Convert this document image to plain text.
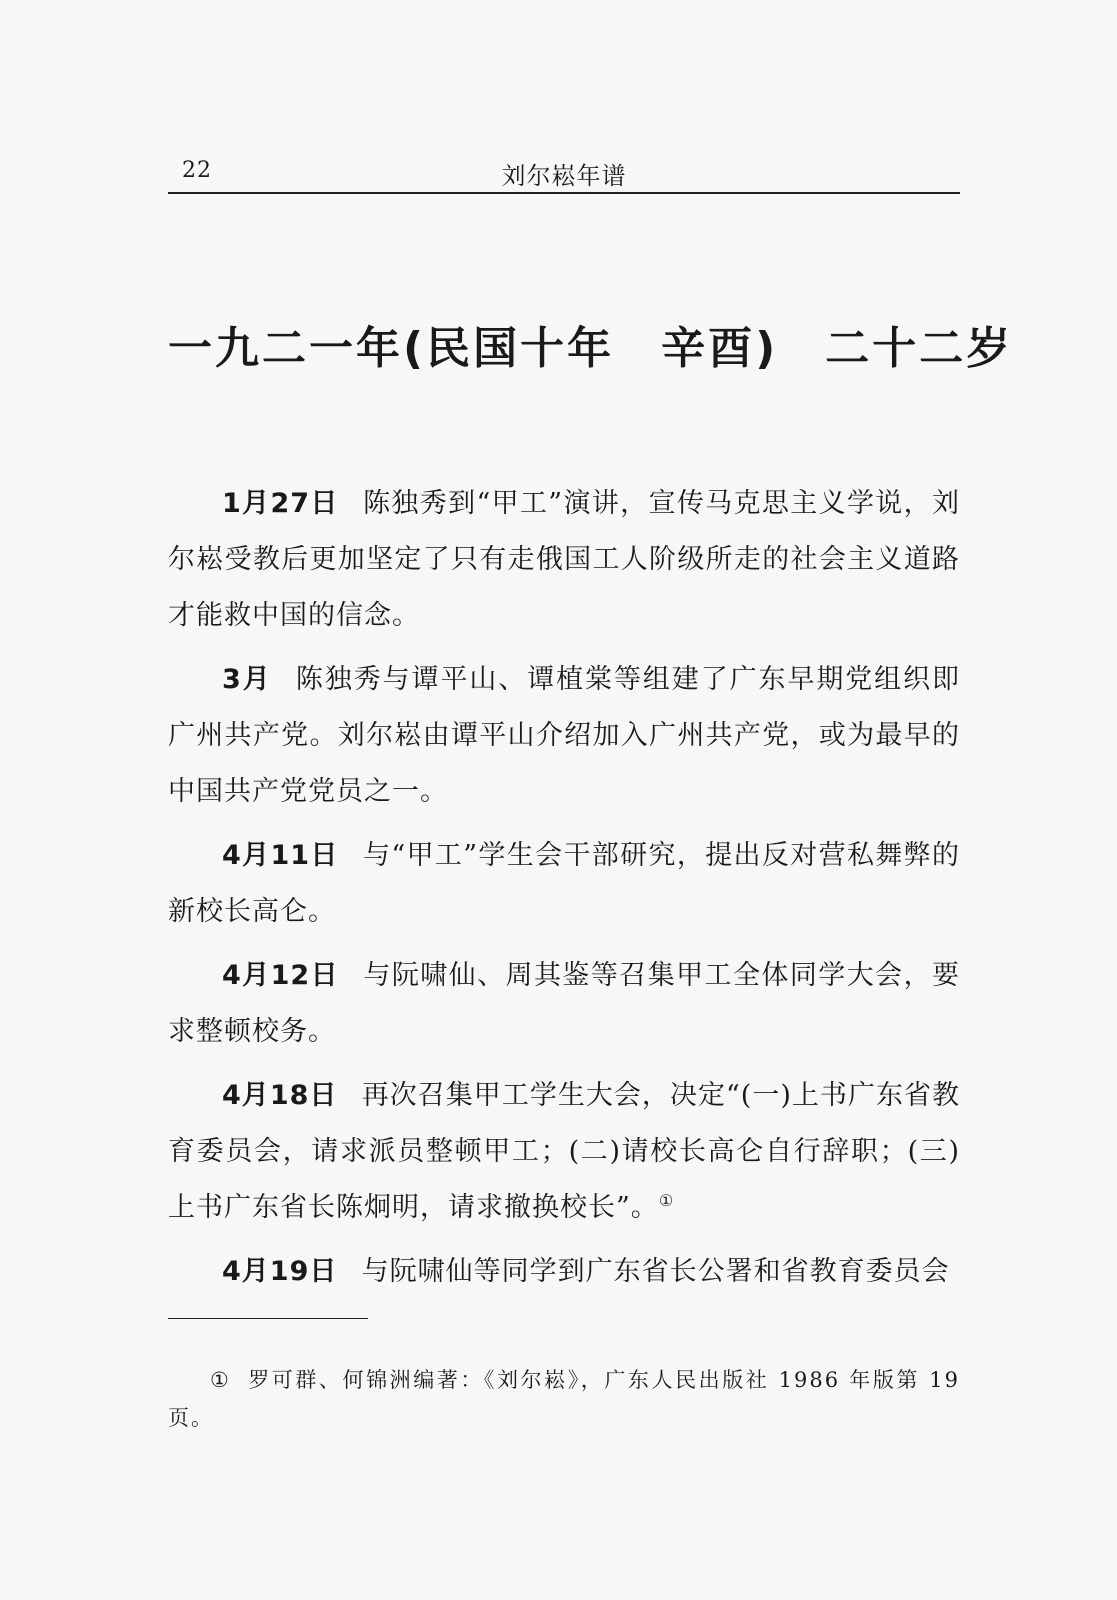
22	刘尔崧年谱
一九二一年(民国十年　辛酉)　二十二岁

1月27日 陈独秀到“甲工”演讲，宣传马克思主义学说，刘尔崧受教后更加坚定了只有走俄国工人阶级所走的社会主义道路才能救中国的信念。

3月 陈独秀与谭平山、谭植棠等组建了广东早期党组织即广州共产党。刘尔崧由谭平山介绍加入广州共产党，或为最早的中国共产党党员之一。

4月11日 与“甲工”学生会干部研究，提出反对营私舞弊的新校长高仑。

4月12日 与阮啸仙、周其鉴等召集甲工全体同学大会，要求整顿校务。

4月18日 再次召集甲工学生大会，决定“(一)上书广东省教育委员会，请求派员整顿甲工；(二)请校长高仑自行辞职；(三)上书广东省长陈炯明，请求撤换校长”。①

4月19日 与阮啸仙等同学到广东省长公署和省教育委员会

① 罗可群、何锦洲编著：《刘尔崧》，广东人民出版社 1986 年版第 19 页。
